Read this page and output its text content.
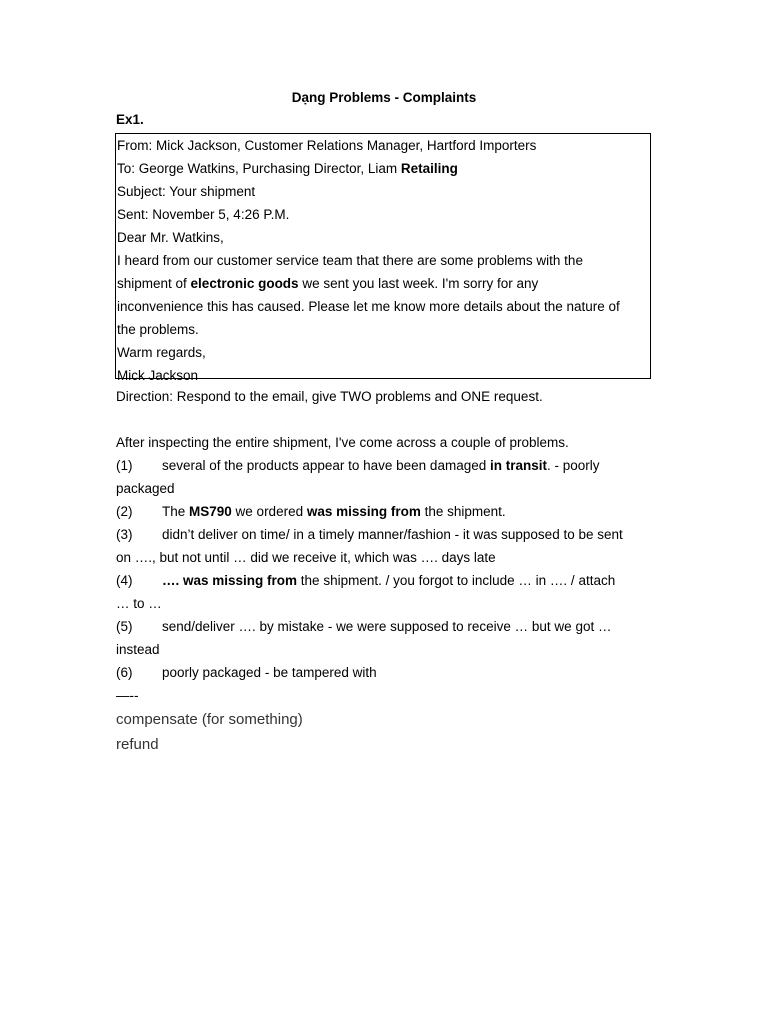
Dạng Problems - Complaints
Ex1.
From: Mick Jackson, Customer Relations Manager, Hartford Importers
To: George Watkins, Purchasing Director, Liam Retailing
Subject: Your shipment
Sent: November 5, 4:26 P.M.
Dear Mr. Watkins,
I heard from our customer service team that there are some problems with the
shipment of electronic goods we sent you last week. I'm sorry for any
inconvenience this has caused. Please let me know more details about the nature of
the problems.
Warm regards,
Mick Jackson
Direction: Respond to the email, give TWO problems and ONE request.
After inspecting the entire shipment, I've come across a couple of problems.
(1) several of the products appear to have been damaged in transit. - poorly
packaged
(2) The MS790 we ordered was missing from the shipment.
(3) didn’t deliver on time/ in a timely manner/fashion - it was supposed to be sent
on …., but not until … did we receive it, which was …. days late
(4) …. was missing from the shipment. / you forgot to include … in …. / attach
… to …
(5) send/deliver …. by mistake - we were supposed to receive … but we got …
instead
(6) poorly packaged - be tampered with
—--
compensate (for something)
refund
